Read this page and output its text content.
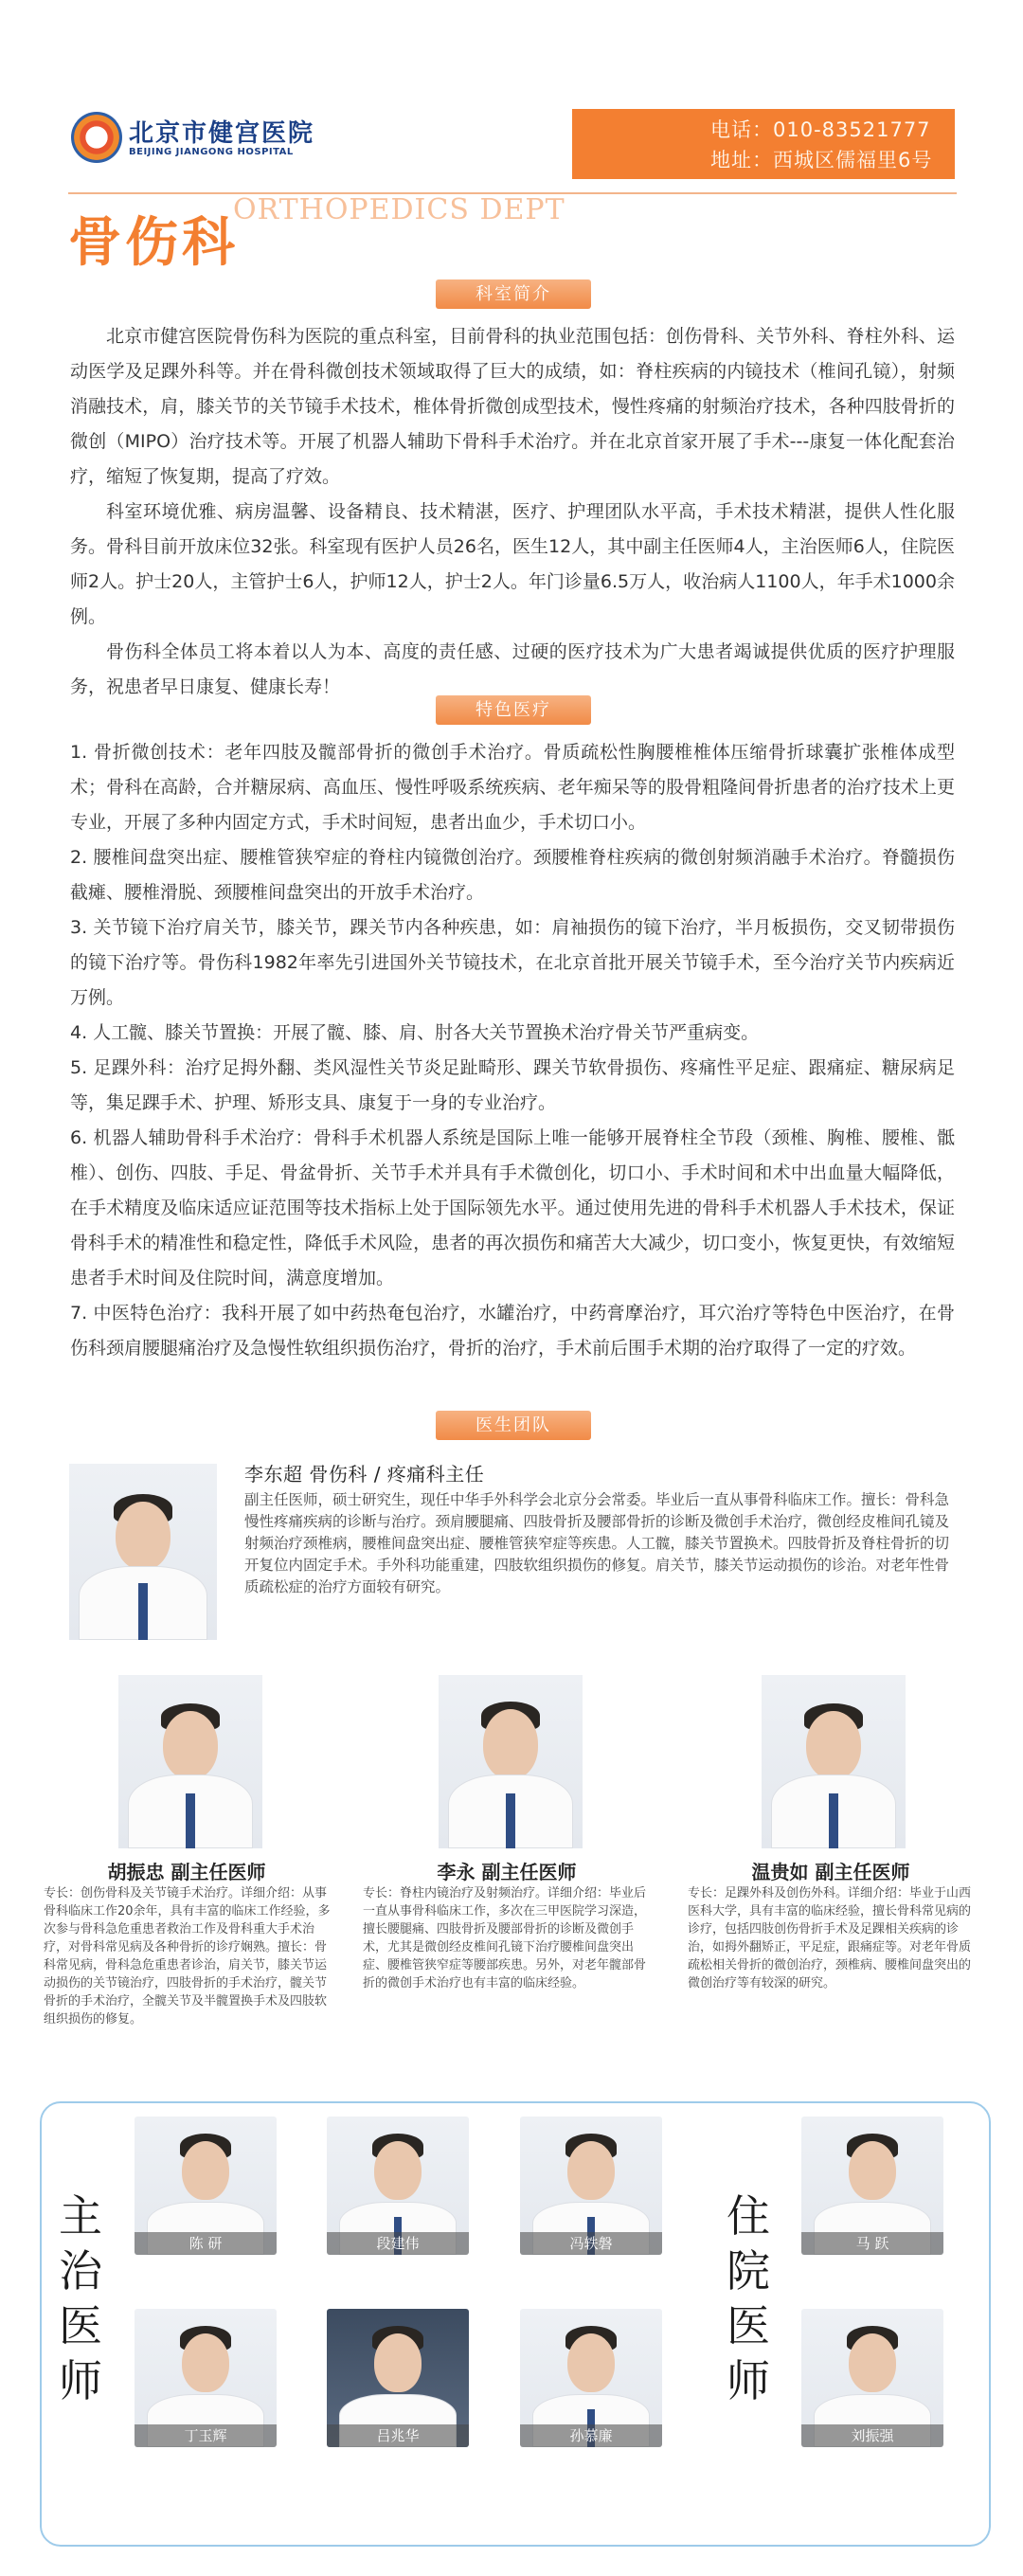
北京市健宫医院
BEIJING JIANGONG HOSPITAL
电话：010-83521777
地址：西城区儒福里6号
ORTHOPEDICS DEPT
骨伤科
科室简介

北京市健宫医院骨伤科为医院的重点科室，目前骨科的执业范围包括：创伤骨科、关节外科、脊柱外科、运动医学及足踝外科等。并在骨科微创技术领域取得了巨大的成绩，如：脊柱疾病的内镜技术（椎间孔镜），射频消融技术，肩，膝关节的关节镜手术技术，椎体骨折微创成型技术，慢性疼痛的射频治疗技术，各种四肢骨折的微创（MIPO）治疗技术等。开展了机器人辅助下骨科手术治疗。并在北京首家开展了手术---康复一体化配套治疗，缩短了恢复期，提高了疗效。

科室环境优雅、病房温馨、设备精良、技术精湛，医疗、护理团队水平高，手术技术精湛，提供人性化服务。骨科目前开放床位32张。科室现有医护人员26名，医生12人，其中副主任医师4人，主治医师6人，住院医师2人。护士20人，主管护士6人，护师12人，护士2人。年门诊量6.5万人，收治病人1100人，年手术1000余例。

骨伤科全体员工将本着以人为本、高度的责任感、过硬的医疗技术为广大患者竭诚提供优质的医疗护理服务，祝患者早日康复、健康长寿！

特色医疗

1. 骨折微创技术：老年四肢及髋部骨折的微创手术治疗。骨质疏松性胸腰椎椎体压缩骨折球囊扩张椎体成型术；骨科在高龄，合并糖尿病、高血压、慢性呼吸系统疾病、老年痴呆等的股骨粗隆间骨折患者的治疗技术上更专业，开展了多种内固定方式，手术时间短，患者出血少，手术切口小。

2. 腰椎间盘突出症、腰椎管狭窄症的脊柱内镜微创治疗。颈腰椎脊柱疾病的微创射频消融手术治疗。脊髓损伤截瘫、腰椎滑脱、颈腰椎间盘突出的开放手术治疗。

3. 关节镜下治疗肩关节，膝关节，踝关节内各种疾患，如：肩袖损伤的镜下治疗，半月板损伤，交叉韧带损伤的镜下治疗等。骨伤科1982年率先引进国外关节镜技术，在北京首批开展关节镜手术，至今治疗关节内疾病近万例。

4. 人工髋、膝关节置换：开展了髋、膝、肩、肘各大关节置换术治疗骨关节严重病变。

5. 足踝外科：治疗足拇外翻、类风湿性关节炎足趾畸形、踝关节软骨损伤、疼痛性平足症、跟痛症、糖尿病足等，集足踝手术、护理、矫形支具、康复于一身的专业治疗。

6. 机器人辅助骨科手术治疗：骨科手术机器人系统是国际上唯一能够开展脊柱全节段（颈椎、胸椎、腰椎、骶椎）、创伤、四肢、手足、骨盆骨折、关节手术并具有手术微创化，切口小、手术时间和术中出血量大幅降低，在手术精度及临床适应证范围等技术指标上处于国际领先水平。通过使用先进的骨科手术机器人手术技术，保证骨科手术的精准性和稳定性，降低手术风险，患者的再次损伤和痛苦大大减少，切口变小，恢复更快，有效缩短患者手术时间及住院时间，满意度增加。

7. 中医特色治疗：我科开展了如中药热奄包治疗，水罐治疗，中药膏摩治疗，耳穴治疗等特色中医治疗，在骨伤科颈肩腰腿痛治疗及急慢性软组织损伤治疗，骨折的治疗，手术前后围手术期的治疗取得了一定的疗效。

医生团队
李东超 骨伤科 / 疼痛科主任
副主任医师，硕士研究生，现任中华手外科学会北京分会常委。毕业后一直从事骨科临床工作。擅长：骨科急慢性疼痛疾病的诊断与治疗。颈肩腰腿痛、四肢骨折及腰部骨折的诊断及微创手术治疗，微创经皮椎间孔镜及射频治疗颈椎病，腰椎间盘突出症、腰椎管狭窄症等疾患。人工髋，膝关节置换术。四肢骨折及脊柱骨折的切开复位内固定手术。手外科功能重建，四肢软组织损伤的修复。肩关节，膝关节运动损伤的诊治。对老年性骨质疏松症的治疗方面较有研究。
胡振忠 副主任医师	李永 副主任医师	温贵如 副主任医师
专长：创伤骨科及关节镜手术治疗。详细介绍：从事骨科临床工作20余年，具有丰富的临床工作经验，多次参与骨科急危重患者救治工作及骨科重大手术治疗，对骨科常见病及各种骨折的诊疗娴熟。擅长：骨科常见病，骨科急危重患者诊治，肩关节，膝关节运动损伤的关节镜治疗，四肢骨折的手术治疗，髋关节骨折的手术治疗，全髋关节及半髋置换手术及四肢软组织损伤的修复。
专长：脊柱内镜治疗及射频治疗。详细介绍：毕业后一直从事骨科临床工作，多次在三甲医院学习深造，擅长腰腿痛、四肢骨折及腰部骨折的诊断及微创手术，尤其是微创经皮椎间孔镜下治疗腰椎间盘突出症、腰椎管狭窄症等腰部疾患。另外，对老年髋部骨折的微创手术治疗也有丰富的临床经验。
专长：足踝外科及创伤外科。详细介绍：毕业于山西医科大学，具有丰富的临床经验，擅长骨科常见病的诊疗，包括四肢创伤骨折手术及足踝相关疾病的诊治，如拇外翻矫正，平足症，跟痛症等。对老年骨质疏松相关骨折的微创治疗，颈椎病、腰椎间盘突出的微创治疗等有较深的研究。
主
治
医
师
住
院
医
师
陈 研	段建伟	冯轶磐
丁玉辉	吕兆华	孙慕廉
马 跃
刘振强
